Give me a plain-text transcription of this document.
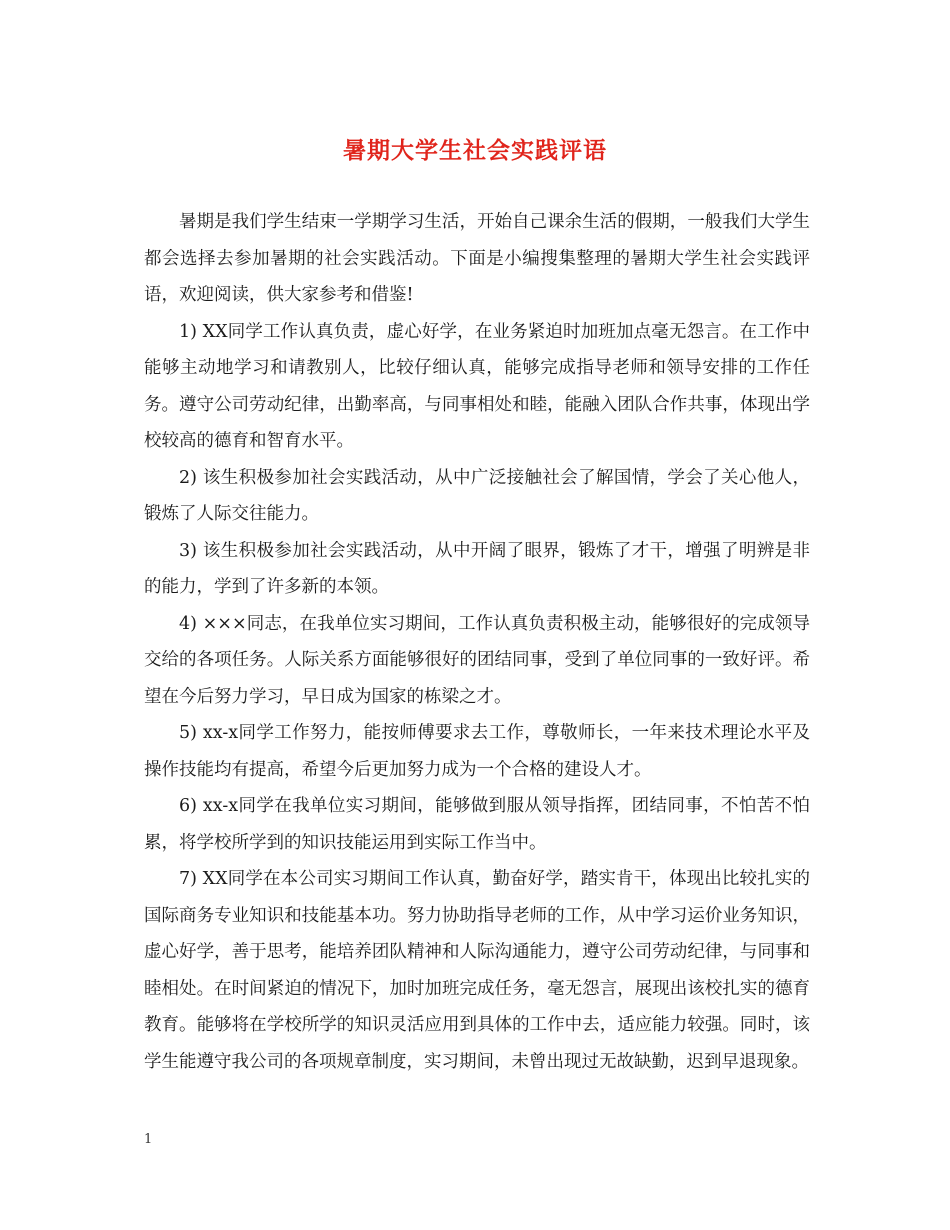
暑期大学生社会实践评语

暑期是我们学生结束一学期学习生活，开始自己课余生活的假期，一般我们大学生都会选择去参加暑期的社会实践活动。下面是小编搜集整理的暑期大学生社会实践评语，欢迎阅读，供大家参考和借鉴!

1) XX同学工作认真负责，虚心好学，在业务紧迫时加班加点毫无怨言。在工作中能够主动地学习和请教别人，比较仔细认真，能够完成指导老师和领导安排的工作任务。遵守公司劳动纪律，出勤率高，与同事相处和睦，能融入团队合作共事，体现出学校较高的德育和智育水平。

2) 该生积极参加社会实践活动，从中广泛接触社会了解国情，学会了关心他人，锻炼了人际交往能力。

3) 该生积极参加社会实践活动，从中开阔了眼界，锻炼了才干，增强了明辨是非的能力，学到了许多新的本领。

4) ×××同志，在我单位实习期间，工作认真负责积极主动，能够很好的完成领导交给的各项任务。人际关系方面能够很好的团结同事，受到了单位同事的一致好评。希望在今后努力学习，早日成为国家的栋梁之才。

5) xx-x同学工作努力，能按师傅要求去工作，尊敬师长，一年来技术理论水平及操作技能均有提高，希望今后更加努力成为一个合格的建设人才。

6) xx-x同学在我单位实习期间，能够做到服从领导指挥，团结同事，不怕苦不怕累，将学校所学到的知识技能运用到实际工作当中。

7) XX同学在本公司实习期间工作认真，勤奋好学，踏实肯干，体现出比较扎实的国际商务专业知识和技能基本功。努力协助指导老师的工作，从中学习运价业务知识，虚心好学，善于思考，能培养团队精神和人际沟通能力，遵守公司劳动纪律，与同事和睦相处。在时间紧迫的情况下，加时加班完成任务，毫无怨言，展现出该校扎实的德育教育。能够将在学校所学的知识灵活应用到具体的工作中去，适应能力较强。同时，该学生能遵守我公司的各项规章制度，实习期间，未曾出现过无故缺勤，迟到早退现象。

1
